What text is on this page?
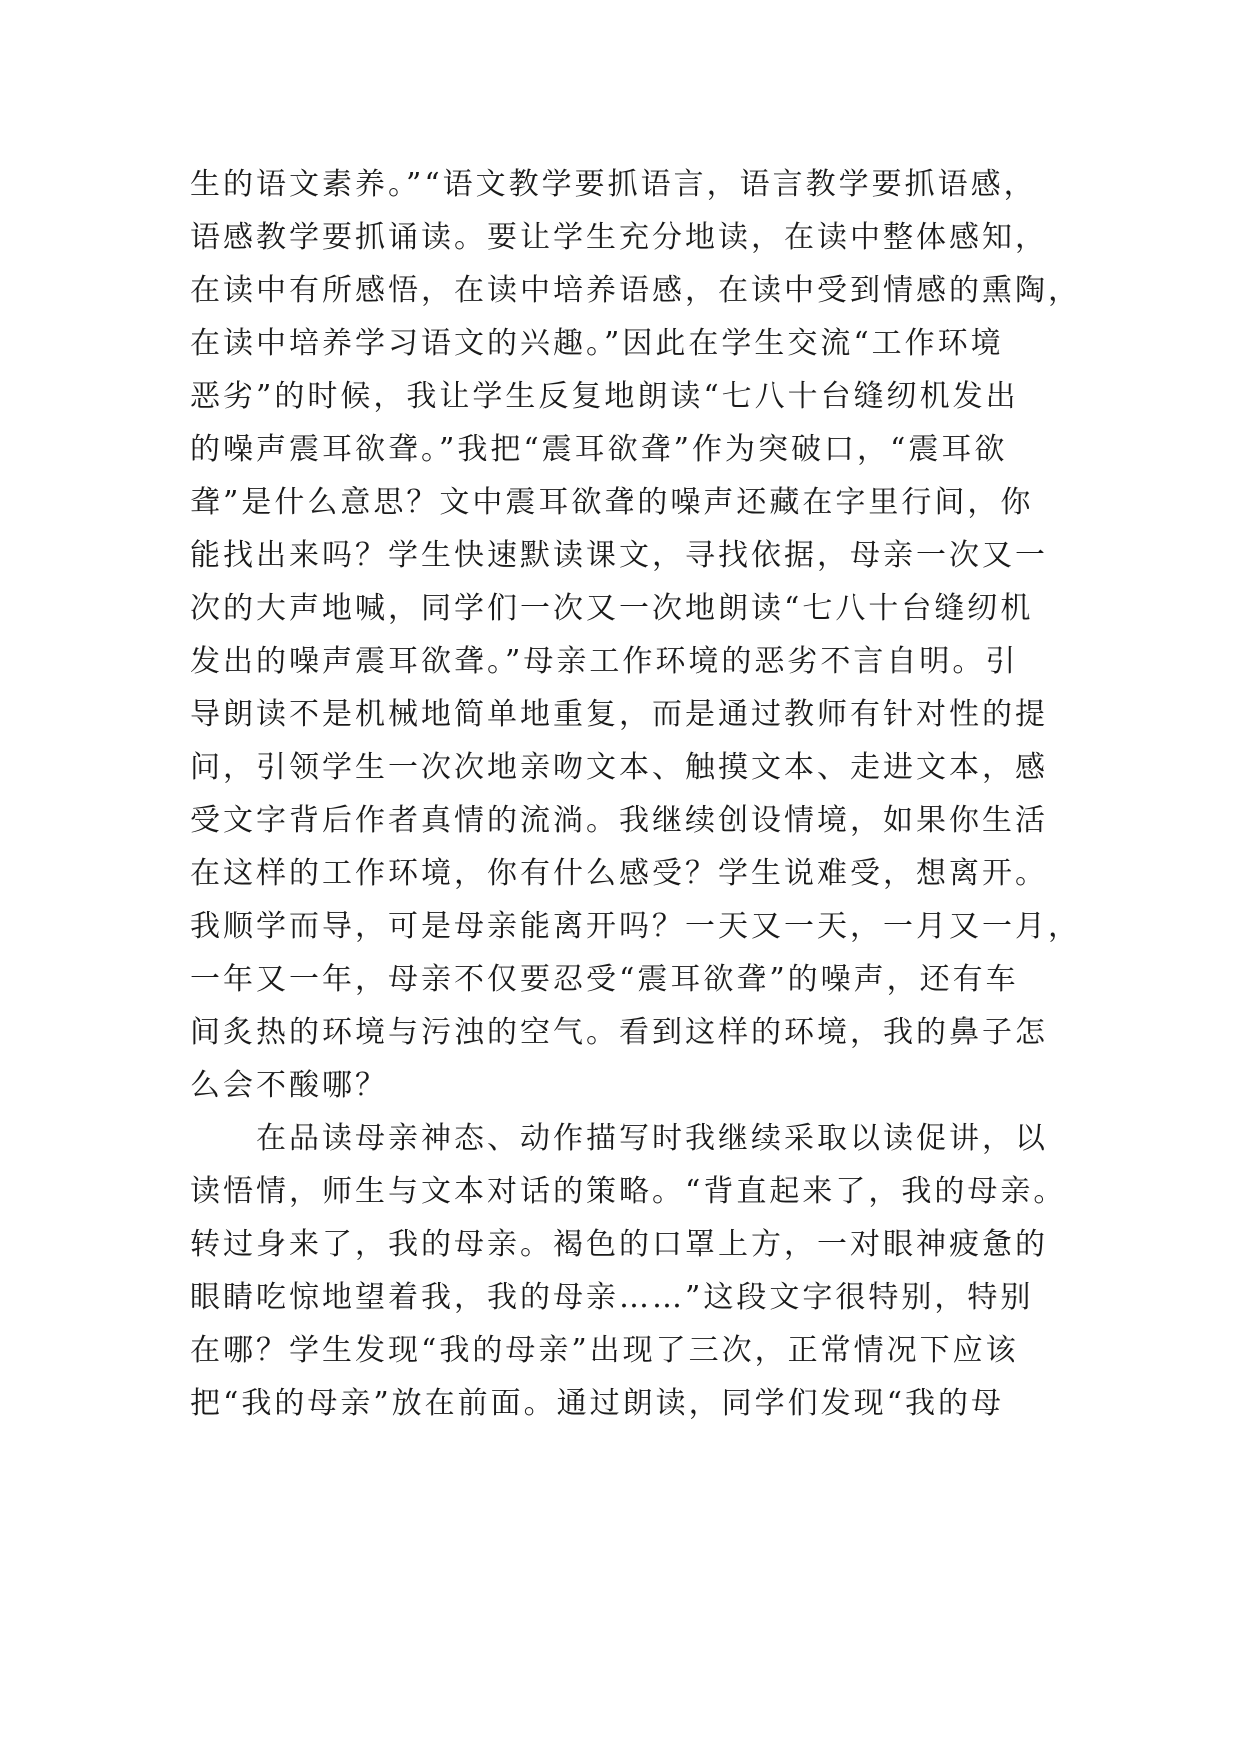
生的语文素养。”“语文教学要抓语言，语言教学要抓语感，
语感教学要抓诵读。要让学生充分地读，在读中整体感知，
在读中有所感悟，在读中培养语感，在读中受到情感的熏陶，
在读中培养学习语文的兴趣。”因此在学生交流“工作环境
恶劣”的时候，我让学生反复地朗读“七八十台缝纫机发出
的噪声震耳欲聋。”我把“震耳欲聋”作为突破口，“震耳欲
聋”是什么意思？文中震耳欲聋的噪声还藏在字里行间，你
能找出来吗？学生快速默读课文，寻找依据，母亲一次又一
次的大声地喊，同学们一次又一次地朗读“七八十台缝纫机
发出的噪声震耳欲聋。”母亲工作环境的恶劣不言自明。引
导朗读不是机械地简单地重复，而是通过教师有针对性的提
问，引领学生一次次地亲吻文本、触摸文本、走进文本，感
受文字背后作者真情的流淌。我继续创设情境，如果你生活
在这样的工作环境，你有什么感受？学生说难受，想离开。
我顺学而导，可是母亲能离开吗？一天又一天，一月又一月，
一年又一年，母亲不仅要忍受“震耳欲聋”的噪声，还有车
间炙热的环境与污浊的空气。看到这样的环境，我的鼻子怎
么会不酸哪？
在品读母亲神态、动作描写时我继续采取以读促讲，以
读悟情，师生与文本对话的策略。“背直起来了，我的母亲。
转过身来了，我的母亲。褐色的口罩上方，一对眼神疲惫的
眼睛吃惊地望着我，我的母亲……”这段文字很特别，特别
在哪？学生发现“我的母亲”出现了三次，正常情况下应该
把“我的母亲”放在前面。通过朗读，同学们发现“我的母
